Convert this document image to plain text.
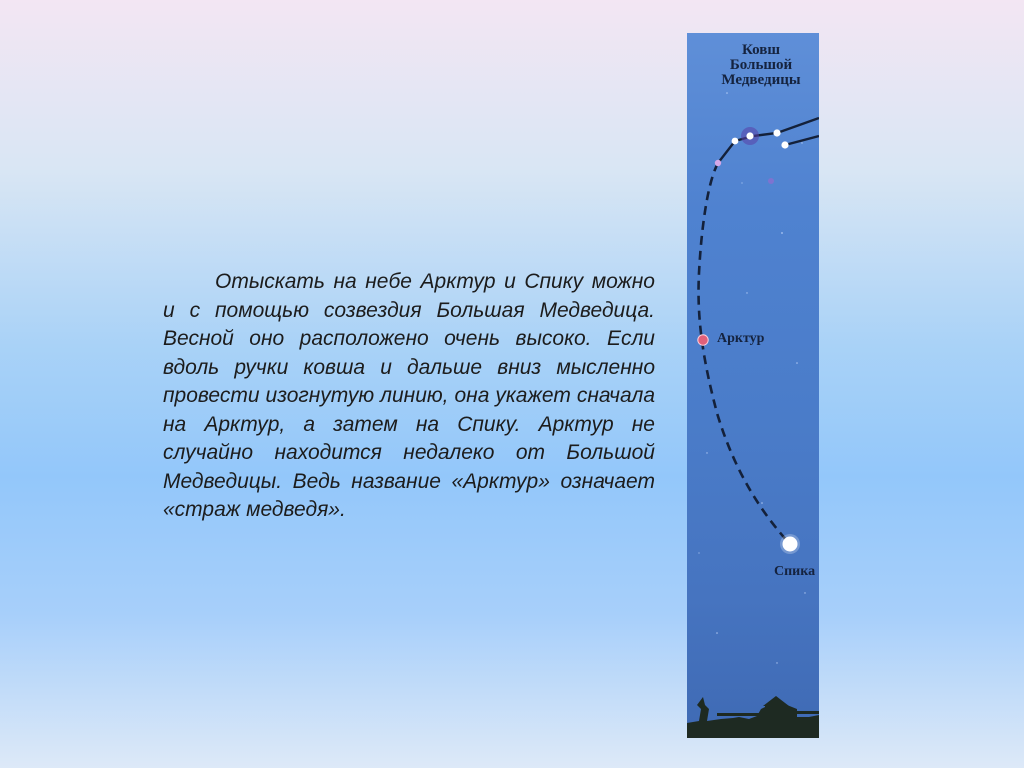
Отыскать на небе Арктур и Спику можно и с помощью созвездия Большая Медведица. Весной оно расположено очень высоко. Если вдоль ручки ковша и дальше вниз мысленно провести изогнутую линию, она укажет сначала на Арктур, а затем на Спику. Арктур не случайно находится недалеко от Большой Медведицы. Ведь название «Арктур» означает «страж медведя».
Ковш
Большой
Медведицы
Арктур
Спика
